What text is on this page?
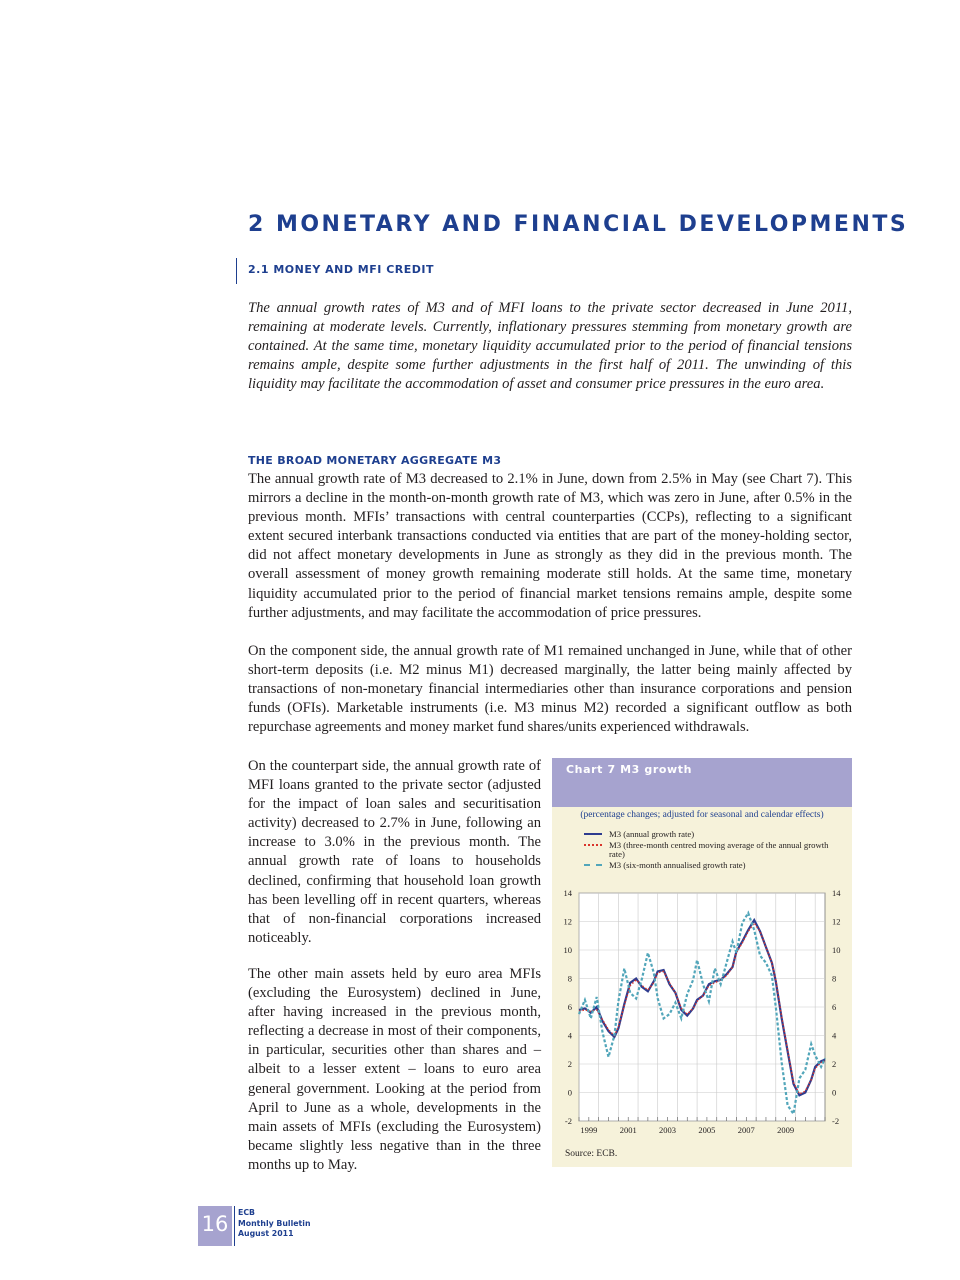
2 MONETARY AND FINANCIAL DEVELOPMENTS
2.1 MONEY AND MFI CREDIT

The annual growth rates of M3 and of MFI loans to the private sector decreased in June 2011, remaining at moderate levels. Currently, inflationary pressures stemming from monetary growth are contained. At the same time, monetary liquidity accumulated prior to the period of financial tensions remains ample, despite some further adjustments in the first half of 2011. The unwinding of this liquidity may facilitate the accommodation of asset and consumer price pressures in the euro area.

THE BROAD MONETARY AGGREGATE M3

The annual growth rate of M3 decreased to 2.1% in June, down from 2.5% in May (see Chart 7). This mirrors a decline in the month-on-month growth rate of M3, which was zero in June, after 0.5% in the previous month. MFIs’ transactions with central counterparties (CCPs), reflecting to a significant extent secured interbank transactions conducted via entities that are part of the money-holding sector, did not affect monetary developments in June as strongly as they did in the previous month. The overall assessment of money growth remaining moderate still holds. At the same time, monetary liquidity accumulated prior to the period of financial market tensions remains ample, despite some further adjustments, and may facilitate the accommodation of price pressures.

On the component side, the annual growth rate of M1 remained unchanged in June, while that of other short-term deposits (i.e. M2 minus M1) decreased marginally, the latter being mainly affected by transactions of non-monetary financial intermediaries other than insurance corporations and pension funds (OFIs). Marketable instruments (i.e. M3 minus M2) recorded a significant outflow as both repurchase agreements and money market fund shares/units experienced withdrawals.

On the counterpart side, the annual growth rate of MFI loans granted to the private sector (adjusted for the impact of loan sales and securitisation activity) decreased to 2.7% in June, following an increase to 3.0% in the previous month. The annual growth rate of loans to households declined, confirming that household loan growth has been levelling off in recent quarters, whereas that of non-financial corporations increased noticeably.

The other main assets held by euro area MFIs (excluding the Eurosystem) declined in June, after having increased in the previous month, reflecting a decrease in most of their components, in particular, securities other than shares and – albeit to a lesser extent – loans to euro area general government. Looking at the period from April to June as a whole, developments in the main assets of MFIs (excluding the Eurosystem) became slightly less negative than in the three months up to May.

Chart 7 M3 growth
(percentage changes; adjusted for seasonal and calendar effects)
M3 (annual growth rate)
M3 (three-month centred moving average of the annual growth rate)
M3 (six-month annualised growth rate)
-2	-2
0	0
2	2
4	4
6	6
8	8
10	10
12	12
14	14
1999	2001	2003	2005	2007	2009
Source: ECB.
16	ECB
Monthly Bulletin
August 2011
